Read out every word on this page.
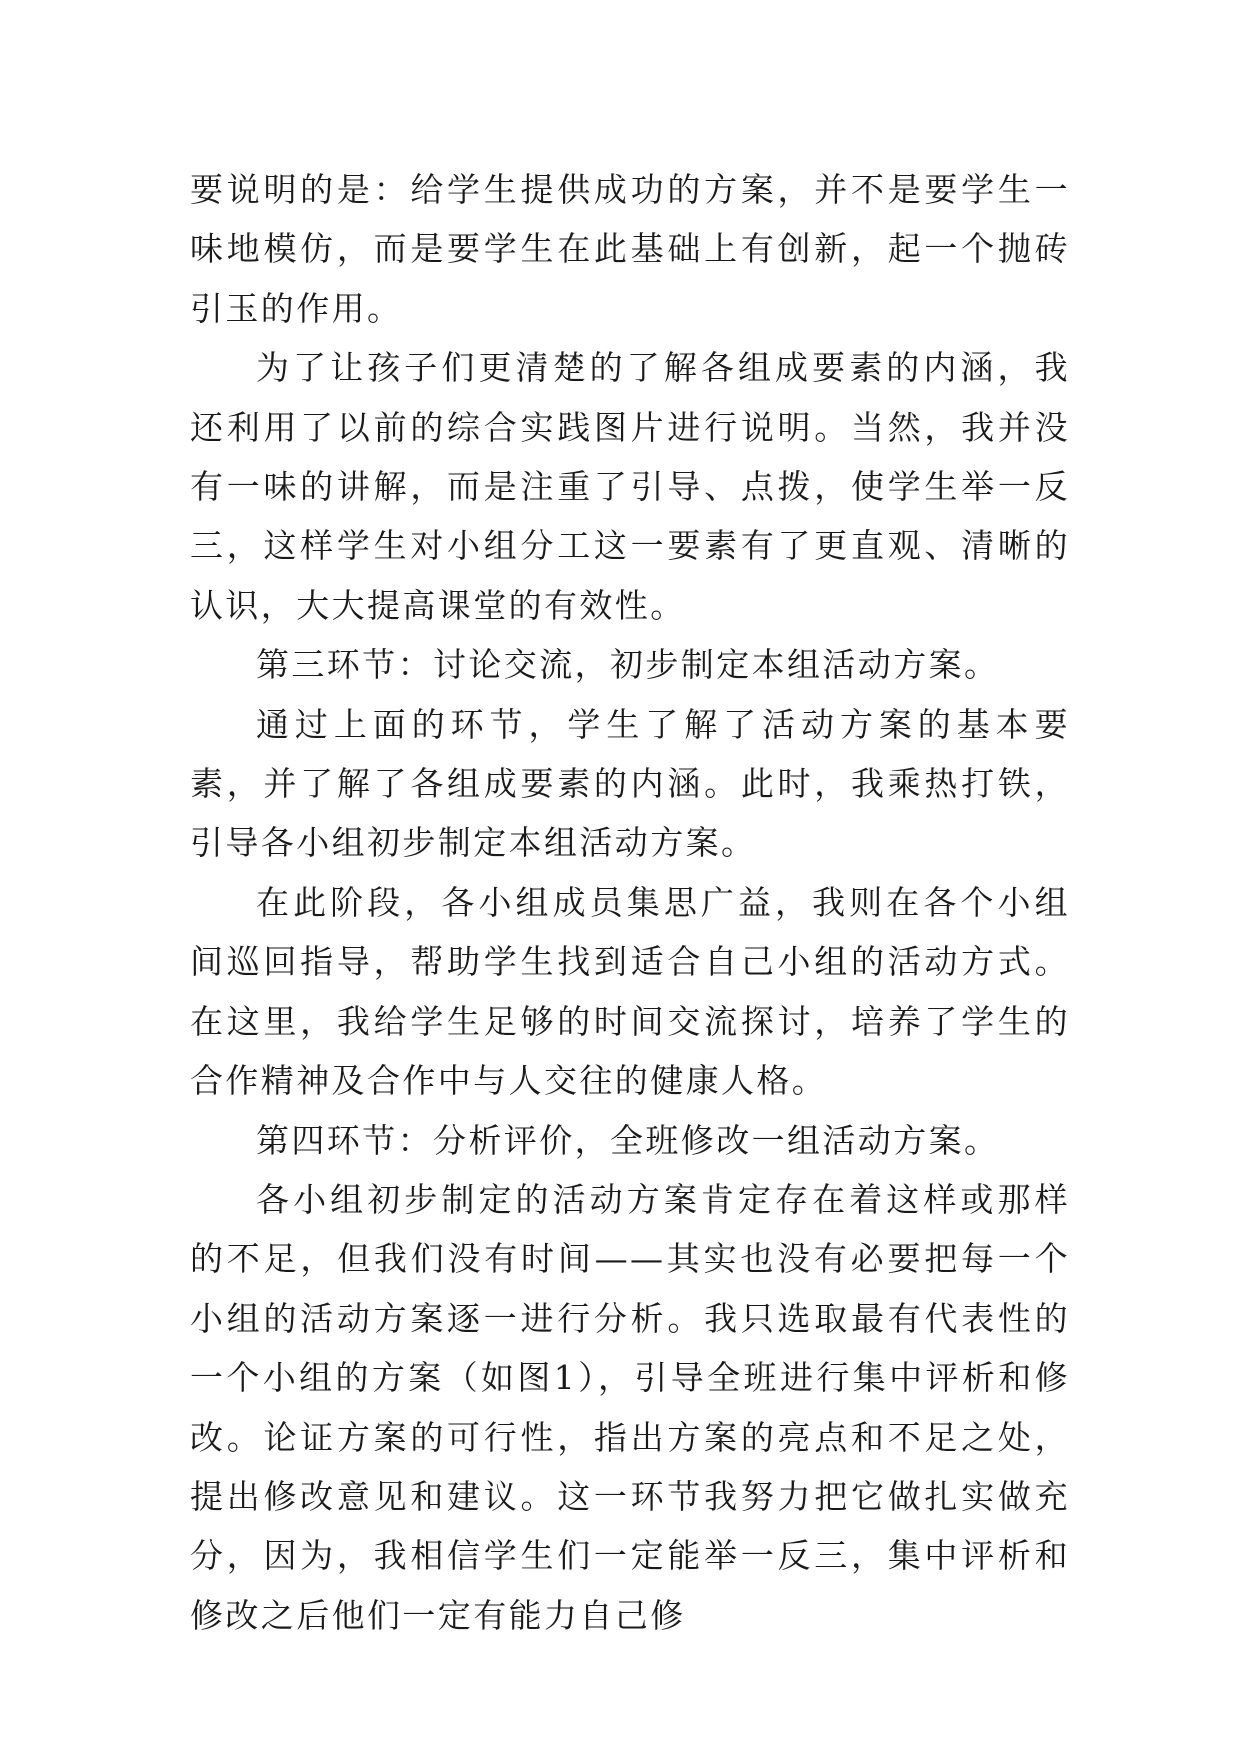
要说明的是：给学生提供成功的方案，并不是要学生一味地模仿，而是要学生在此基础上有创新，起一个抛砖引玉的作用。

为了让孩子们更清楚的了解各组成要素的内涵，我还利用了以前的综合实践图片进行说明。当然，我并没有一味的讲解，而是注重了引导、点拨，使学生举一反三，这样学生对小组分工这一要素有了更直观、清晰的认识，大大提高课堂的有效性。

第三环节：讨论交流，初步制定本组活动方案。

通过上面的环节，学生了解了活动方案的基本要素，并了解了各组成要素的内涵。此时，我乘热打铁，引导各小组初步制定本组活动方案。

在此阶段，各小组成员集思广益，我则在各个小组间巡回指导，帮助学生找到适合自己小组的活动方式。在这里，我给学生足够的时间交流探讨，培养了学生的合作精神及合作中与人交往的健康人格。

第四环节：分析评价，全班修改一组活动方案。

各小组初步制定的活动方案肯定存在着这样或那样的不足，但我们没有时间——其实也没有必要把每一个小组的活动方案逐一进行分析。我只选取最有代表性的一个小组的方案（如图1），引导全班进行集中评析和修改。论证方案的可行性，指出方案的亮点和不足之处，提出修改意见和建议。这一环节我努力把它做扎实做充分，因为，我相信学生们一定能举一反三，集中评析和修改之后他们一定有能力自己修
